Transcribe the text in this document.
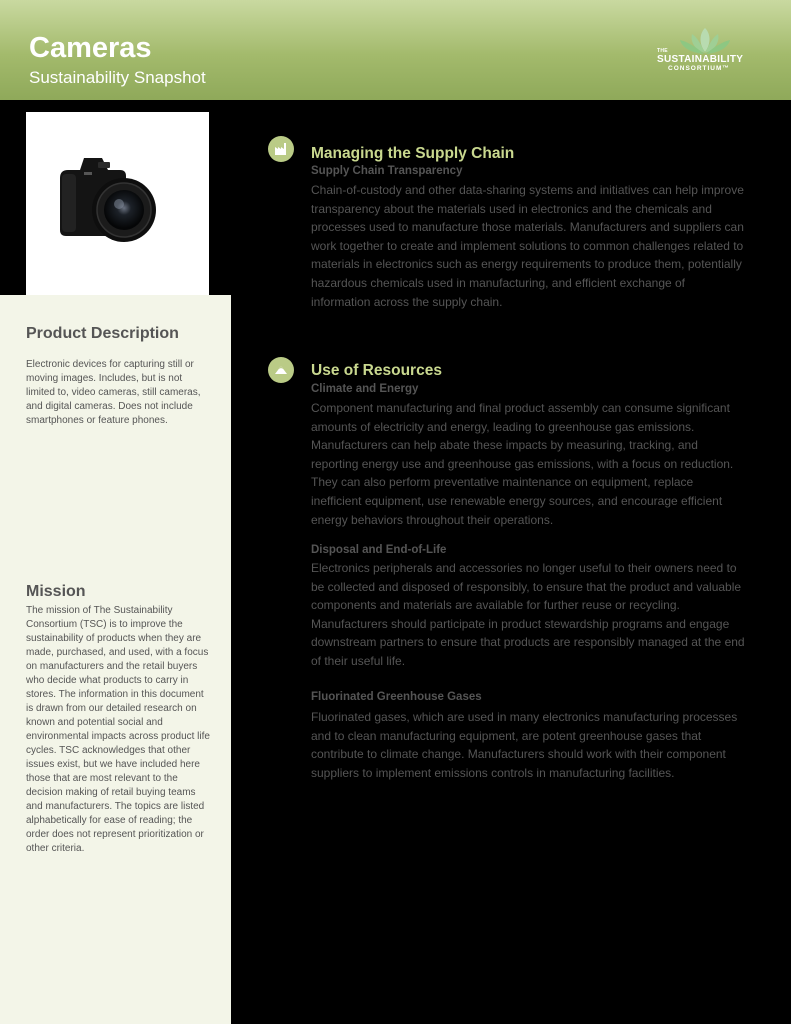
Cameras
Sustainability Snapshot
THE
SUSTAINABILITY
CONSORTIUM™
Product Description

Electronic devices for capturing still or moving images. Includes, but is not limited to, video cameras, still cameras, and digital cameras. Does not include smartphones or feature phones.

Mission

The mission of The Sustainability Consortium (TSC) is to improve the sustainability of products when they are made, purchased, and used, with a focus on manufacturers and the retail buyers who decide what products to carry in stores. The information in this document is drawn from our detailed research on known and potential social and environmental impacts across product life cycles. TSC acknowledges that other issues exist, but we have included here those that are most relevant to the decision making of retail buying teams and manufacturers. The topics are listed alphabetically for ease of reading; the order does not represent prioritization or other criteria.

Managing the Supply Chain
Supply Chain Transparency

Chain-of-custody and other data-sharing systems and initiatives can help improve transparency about the materials used in electronics and the chemicals and processes used to manufacture those materials. Manufacturers and suppliers can work together to create and implement solutions to common challenges related to materials in electronics such as energy requirements to produce them, potentially hazardous chemicals used in manufacturing, and efficient exchange of information across the supply chain.

Use of Resources
Climate and Energy

Component manufacturing and final product assembly can consume significant amounts of electricity and energy, leading to greenhouse gas emissions. Manufacturers can help abate these impacts by measuring, tracking, and reporting energy use and greenhouse gas emissions, with a focus on reduction. They can also perform preventative maintenance on equipment, replace inefficient equipment, use renewable energy sources, and encourage efficient energy behaviors throughout their operations.

Disposal and End-of-Life

Electronics peripherals and accessories no longer useful to their owners need to be collected and disposed of responsibly, to ensure that the product and valuable components and materials are available for further reuse or recycling. Manufacturers should participate in product stewardship programs and engage downstream partners to ensure that products are responsibly managed at the end of their useful life.

Fluorinated Greenhouse Gases

Fluorinated gases, which are used in many electronics manufacturing processes and to clean manufacturing equipment, are potent greenhouse gases that contribute to climate change. Manufacturers should work with their component suppliers to implement emissions controls in manufacturing facilities.
